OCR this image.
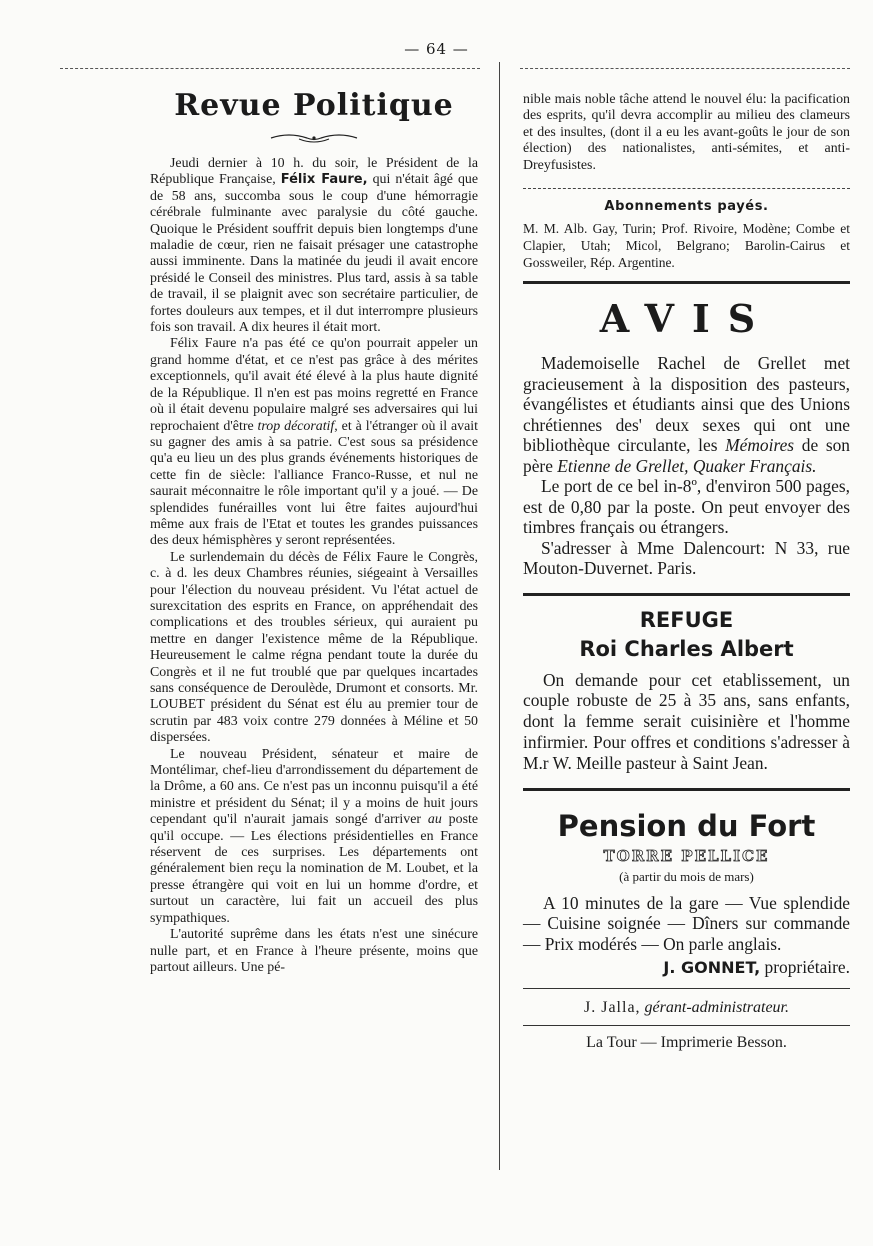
— 64 —
Revue Politique

Jeudi dernier à 10 h. du soir, le Président de la République Française, Félix Faure, qui n'était âgé que de 58 ans, succomba sous le coup d'une hémorragie cérébrale fulminante avec paralysie du côté gauche. Quoique le Président souffrit depuis bien longtemps d'une maladie de cœur, rien ne faisait présager une catastrophe aussi imminente. Dans la matinée du jeudi il avait encore présidé le Conseil des ministres. Plus tard, assis à sa table de travail, il se plaignit avec son secrétaire particulier, de fortes douleurs aux tempes, et il dut interrompre plusieurs fois son travail. A dix heures il était mort.

Félix Faure n'a pas été ce qu'on pourrait appeler un grand homme d'état, et ce n'est pas grâce à des mérites exceptionnels, qu'il avait été élevé à la plus haute dignité de la République. Il n'en est pas moins regretté en France où il était devenu populaire malgré ses adversaires qui lui reprochaient d'être trop décoratif, et à l'étranger où il avait su gagner des amis à sa patrie. C'est sous sa présidence qu'a eu lieu un des plus grands événements historiques de cette fin de siècle: l'alliance Franco-Russe, et nul ne saurait méconnaitre le rôle important qu'il y a joué. — De splendides funérailles vont lui être faites aujourd'hui même aux frais de l'Etat et toutes les grandes puissances des deux hémisphères y seront représentées.

Le surlendemain du décès de Félix Faure le Congrès, c. à d. les deux Chambres réunies, siégeaint à Versailles pour l'élection du nouveau président. Vu l'état actuel de surexcitation des esprits en France, on appréhendait des complications et des troubles sérieux, qui auraient pu mettre en danger l'existence même de la République. Heureusement le calme régna pendant toute la durée du Congrès et il ne fut troublé que par quelques incartades sans conséquence de Deroulède, Drumont et consorts. Mr. LOUBET président du Sénat est élu au premier tour de scrutin par 483 voix contre 279 données à Méline et 50 dispersées.

Le nouveau Président, sénateur et maire de Montélimar, chef-lieu d'arrondissement du département de la Drôme, a 60 ans. Ce n'est pas un inconnu puisqu'il a été ministre et président du Sénat; il y a moins de huit jours cependant qu'il n'aurait jamais songé d'arriver au poste qu'il occupe. — Les élections présidentielles en France réservent de ces surprises. Les départements ont généralement bien reçu la nomination de M. Loubet, et la presse étrangère qui voit en lui un homme d'ordre, et surtout un caractère, lui fait un accueil des plus sympathiques.

L'autorité suprême dans les états n'est une sinécure nulle part, et en France à l'heure présente, moins que partout ailleurs. Une pé-

nible mais noble tâche attend le nouvel élu: la pacification des esprits, qu'il devra accomplir au milieu des clameurs et des insultes, (dont il a eu les avant-goûts le jour de son élection) des nationalistes, anti-sémites, et anti-Dreyfusistes.

Abonnements payés.

M. M. Alb. Gay, Turin; Prof. Rivoire, Modène; Combe et Clapier, Utah; Micol, Belgrano; Barolin-Cairus et Gossweiler, Rép. Argentine.

AVIS

Mademoiselle Rachel de Grellet met gracieusement à la disposition des pasteurs, évangélistes et étudiants ainsi que des Unions chrétiennes des' deux sexes qui ont une bibliothèque circulante, les Mémoires de son père Etienne de Grellet, Quaker Français.

Le port de ce bel in-8º, d'environ 500 pages, est de 0,80 par la poste. On peut envoyer des timbres français ou étrangers.

S'adresser à Mme Dalencourt: N 33, rue Mouton-Duvernet. Paris.

REFUGE

Roi Charles Albert

On demande pour cet etablissement, un couple robuste de 25 à 35 ans, sans enfants, dont la femme serait cuisinière et l'homme infirmier. Pour offres et conditions s'adresser à M.r W. Meille pasteur à Saint Jean.

Pension du Fort
TORRE PELLICE
(à partir du mois de mars)

A 10 minutes de la gare — Vue splendide — Cuisine soignée — Dîners sur commande — Prix modérés — On parle anglais.

J. GONNET, propriétaire.

J. Jalla, gérant-administrateur.

La Tour — Imprimerie Besson.
